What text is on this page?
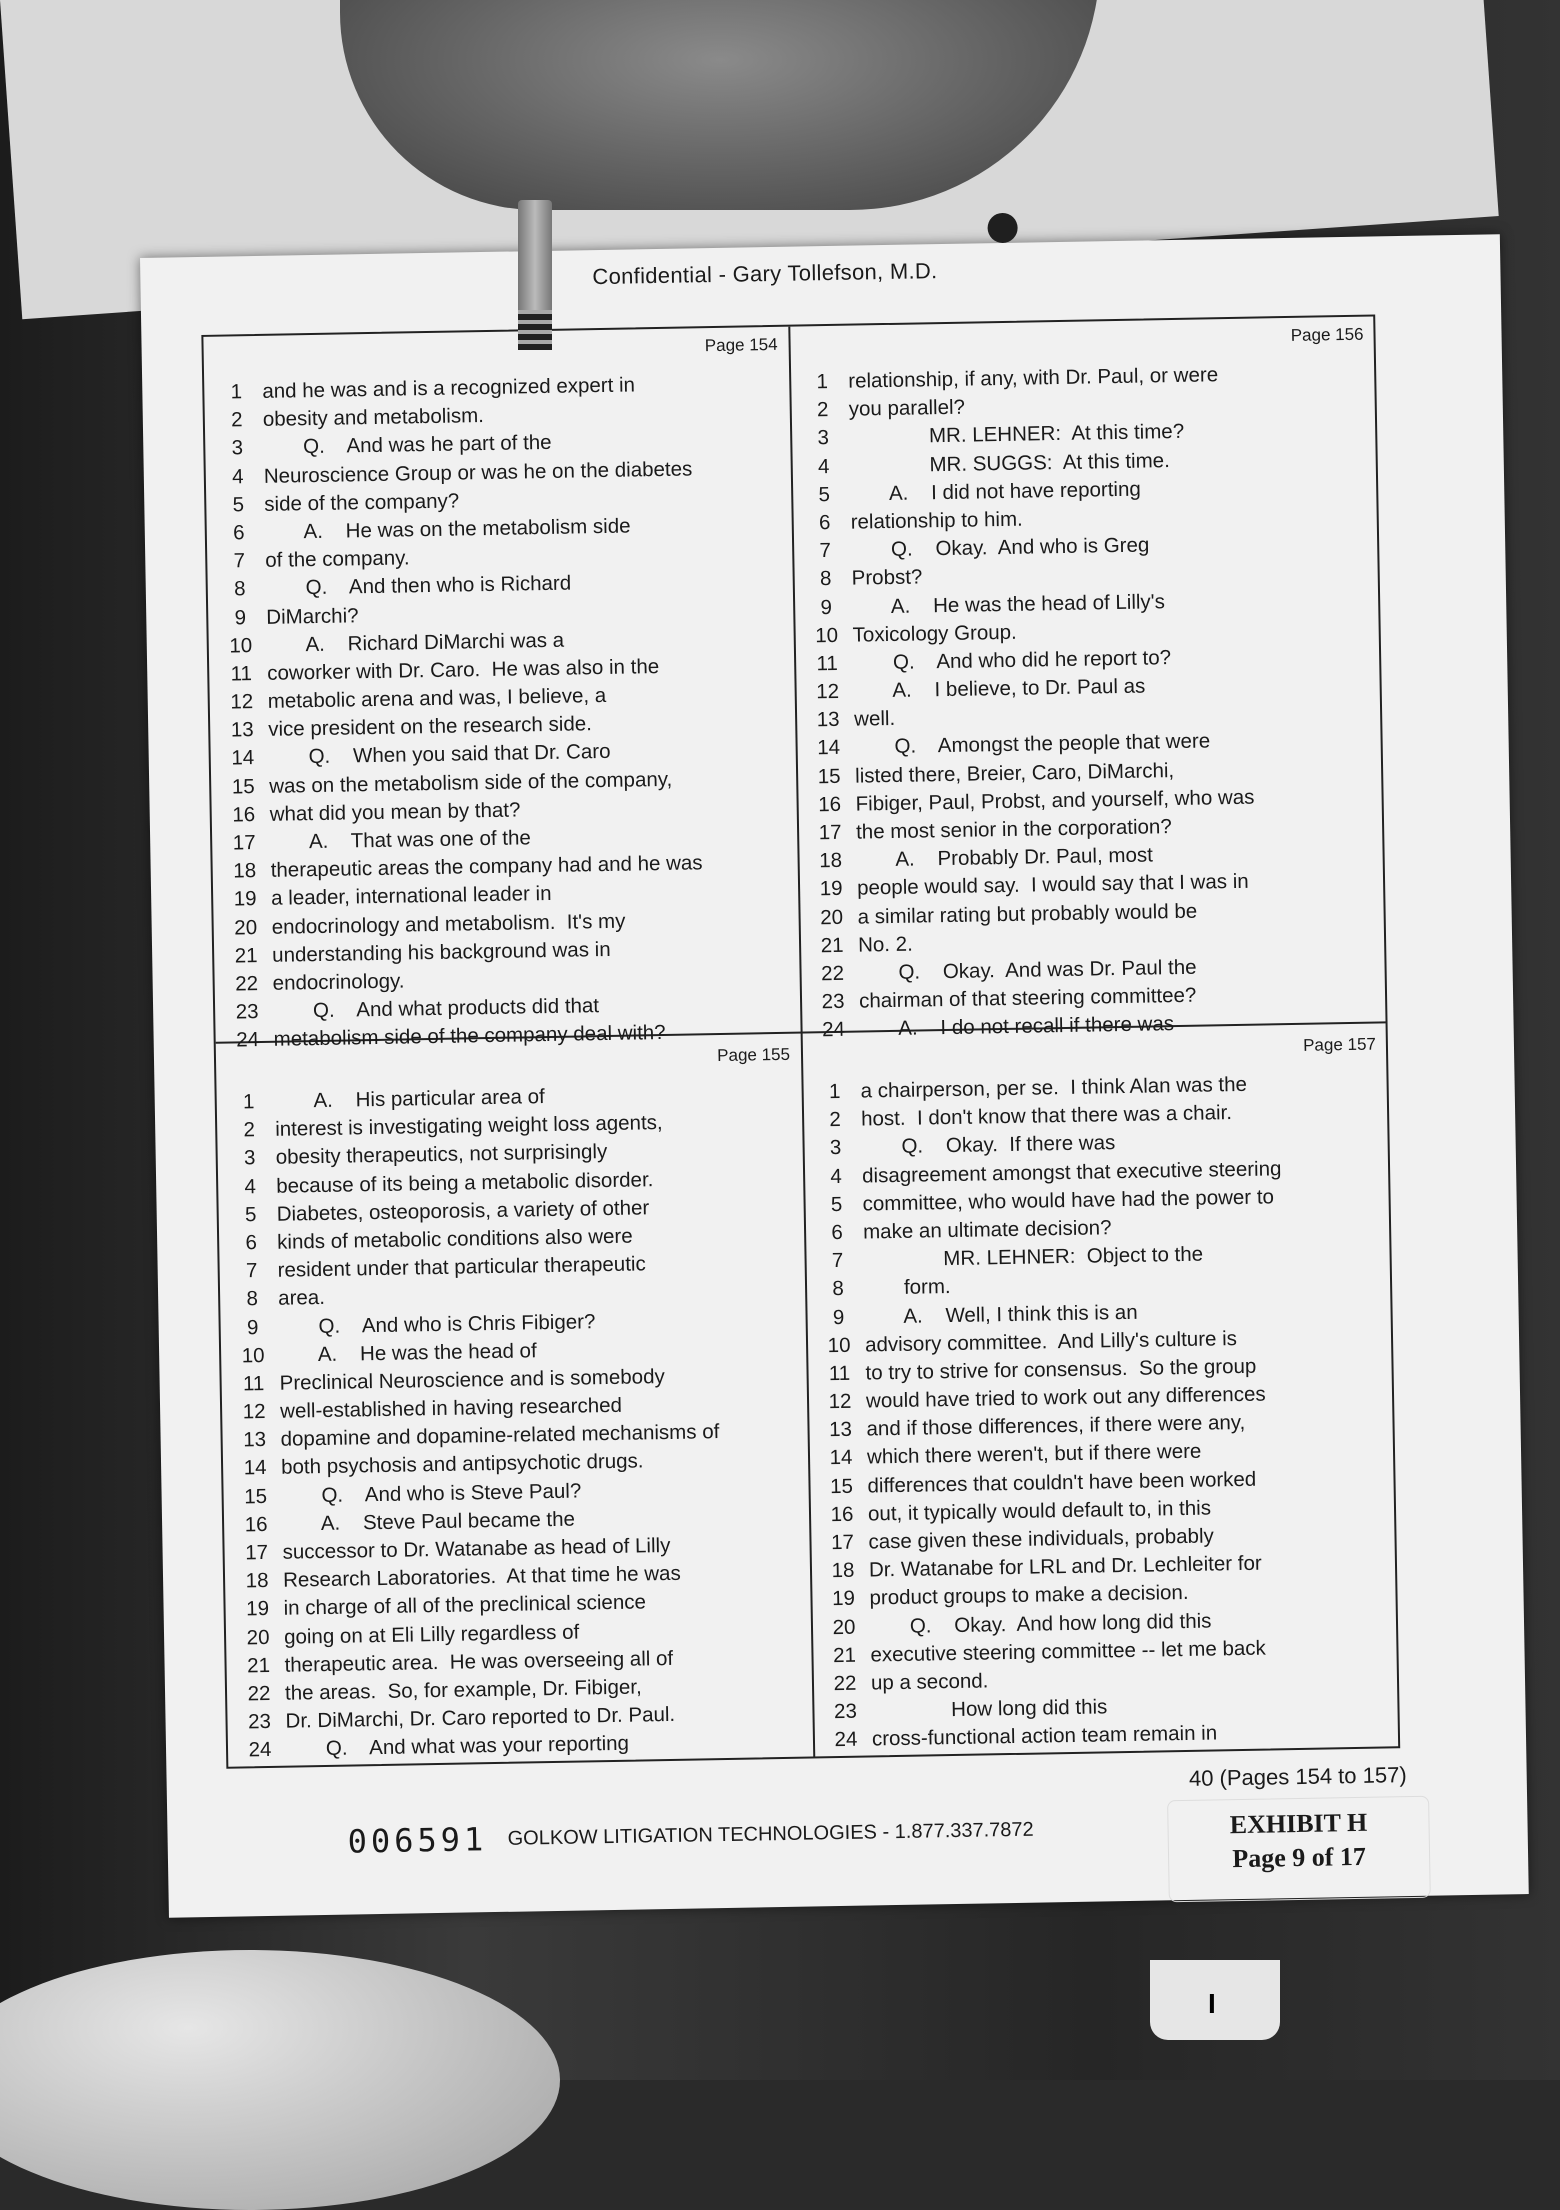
Confidential - Gary Tollefson, M.D.
Page 154
1 and he was and is a recognized expert in
2 obesity and metabolism.
3 Q.    And was he part of the
4 Neuroscience Group or was he on the diabetes
5 side of the company?
6 A.    He was on the metabolism side
7 of the company.
8 Q.    And then who is Richard
9 DiMarchi?
10 A.    Richard DiMarchi was a
11 coworker with Dr. Caro.  He was also in the
12 metabolic arena and was, I believe, a
13 vice president on the research side.
14 Q.    When you said that Dr. Caro
15 was on the metabolism side of the company,
16 what did you mean by that?
17 A.    That was one of the
18 therapeutic areas the company had and he was
19 a leader, international leader in
20 endocrinology and metabolism.  It's my
21 understanding his background was in
22 endocrinology.
23 Q.    And what products did that
24 metabolism side of the company deal with?
Page 156
1 relationship, if any, with Dr. Paul, or were
2 you parallel?
3 MR. LEHNER:  At this time?
4 MR. SUGGS:  At this time.
5 A.    I did not have reporting
6 relationship to him.
7 Q.    Okay.  And who is Greg
8 Probst?
9 A.    He was the head of Lilly's
10 Toxicology Group.
11 Q.    And who did he report to?
12 A.    I believe, to Dr. Paul as
13 well.
14 Q.    Amongst the people that were
15 listed there, Breier, Caro, DiMarchi,
16 Fibiger, Paul, Probst, and yourself, who was
17 the most senior in the corporation?
18 A.    Probably Dr. Paul, most
19 people would say.  I would say that I was in
20 a similar rating but probably would be
21 No. 2.
22 Q.    Okay.  And was Dr. Paul the
23 chairman of that steering committee?
24 A.    I do not recall if there was
Page 155
1 A.    His particular area of
2 interest is investigating weight loss agents,
3 obesity therapeutics, not surprisingly
4 because of its being a metabolic disorder.
5 Diabetes, osteoporosis, a variety of other
6 kinds of metabolic conditions also were
7 resident under that particular therapeutic
8 area.
9 Q.    And who is Chris Fibiger?
10 A.    He was the head of
11 Preclinical Neuroscience and is somebody
12 well-established in having researched
13 dopamine and dopamine-related mechanisms of
14 both psychosis and antipsychotic drugs.
15 Q.    And who is Steve Paul?
16 A.    Steve Paul became the
17 successor to Dr. Watanabe as head of Lilly
18 Research Laboratories.  At that time he was
19 in charge of all of the preclinical science
20 going on at Eli Lilly regardless of
21 therapeutic area.  He was overseeing all of
22 the areas.  So, for example, Dr. Fibiger,
23 Dr. DiMarchi, Dr. Caro reported to Dr. Paul.
24 Q.    And what was your reporting
Page 157
1 a chairperson, per se.  I think Alan was the
2 host.  I don't know that there was a chair.
3 Q.    Okay.  If there was
4 disagreement amongst that executive steering
5 committee, who would have had the power to
6 make an ultimate decision?
7 MR. LEHNER:  Object to the
8 form.
9 A.    Well, I think this is an
10 advisory committee.  And Lilly's culture is
11 to try to strive for consensus.  So the group
12 would have tried to work out any differences
13 and if those differences, if there were any,
14 which there weren't, but if there were
15 differences that couldn't have been worked
16 out, it typically would default to, in this
17 case given these individuals, probably
18 Dr. Watanabe for LRL and Dr. Lechleiter for
19 product groups to make a decision.
20 Q.    Okay.  And how long did this
21 executive steering committee -- let me back
22 up a second.
23 How long did this
24 cross-functional action team remain in
40 (Pages 154 to 157)
006591 GOLKOW LITIGATION TECHNOLOGIES - 1.877.337.7872	EXHIBIT H
Page 9 of 17
I
